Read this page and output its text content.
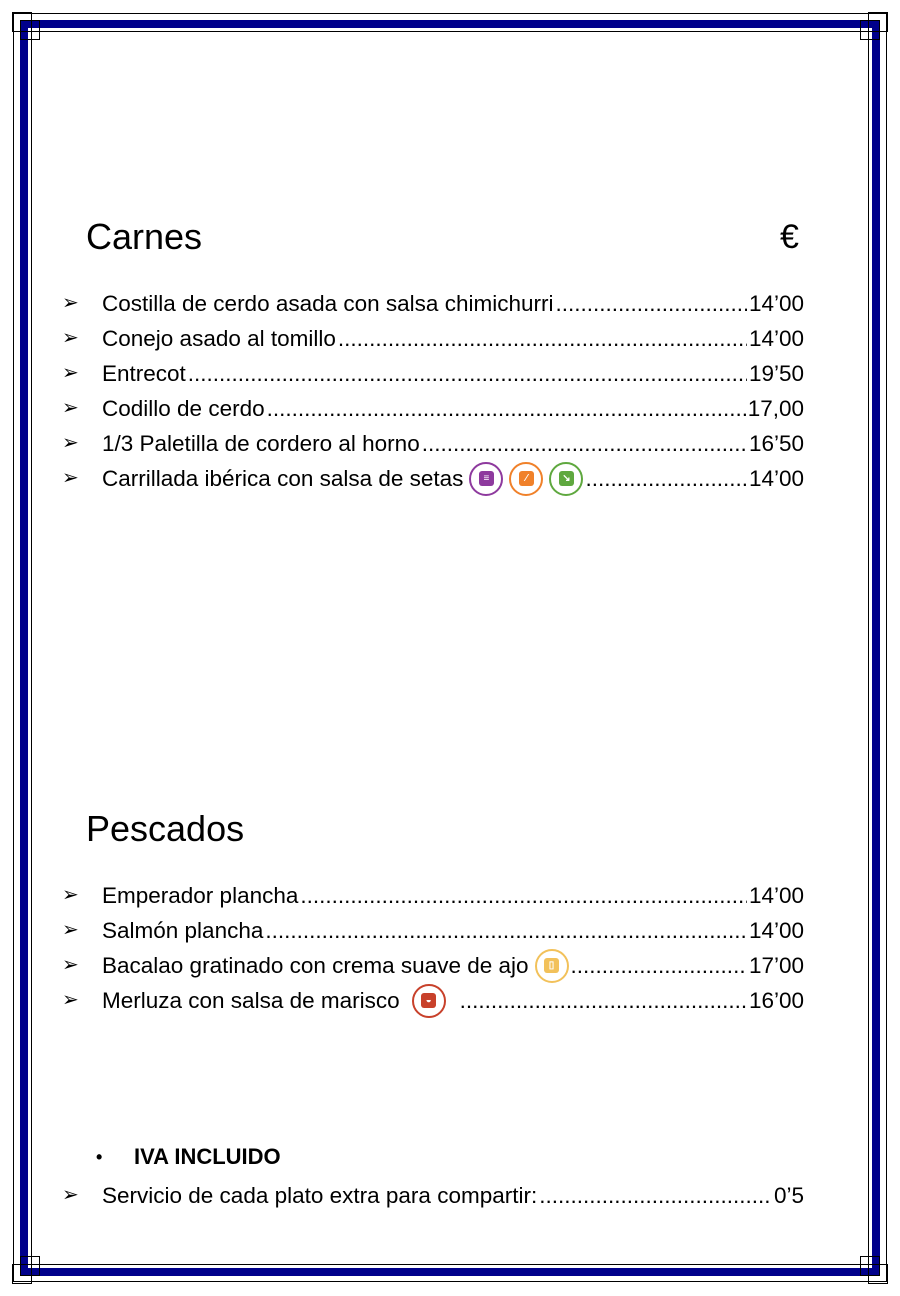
Carnes	€
➢	Costilla de cerdo asada con salsa chimichurri .....	14’00
➢	Conejo asado al tomillo .....	14’00
➢	Entrecot .....	19’50
➢	Codillo de cerdo .....	17,00
➢	1/3 Paletilla de cordero al horno .....	16’50
➢	Carrillada ibérica con salsa de setas	≡	⁄	↘ .....	14’00
Pescados
➢	Emperador plancha .....	14’00
➢	Salmón plancha .....	14’00
➢	Bacalao gratinado con crema suave de ajo	▯ .....	17’00
➢	Merluza con salsa de marisco	◒ .....	16’00
•	IVA INCLUIDO
➢	Servicio de cada plato extra para compartir: .....	0’5
